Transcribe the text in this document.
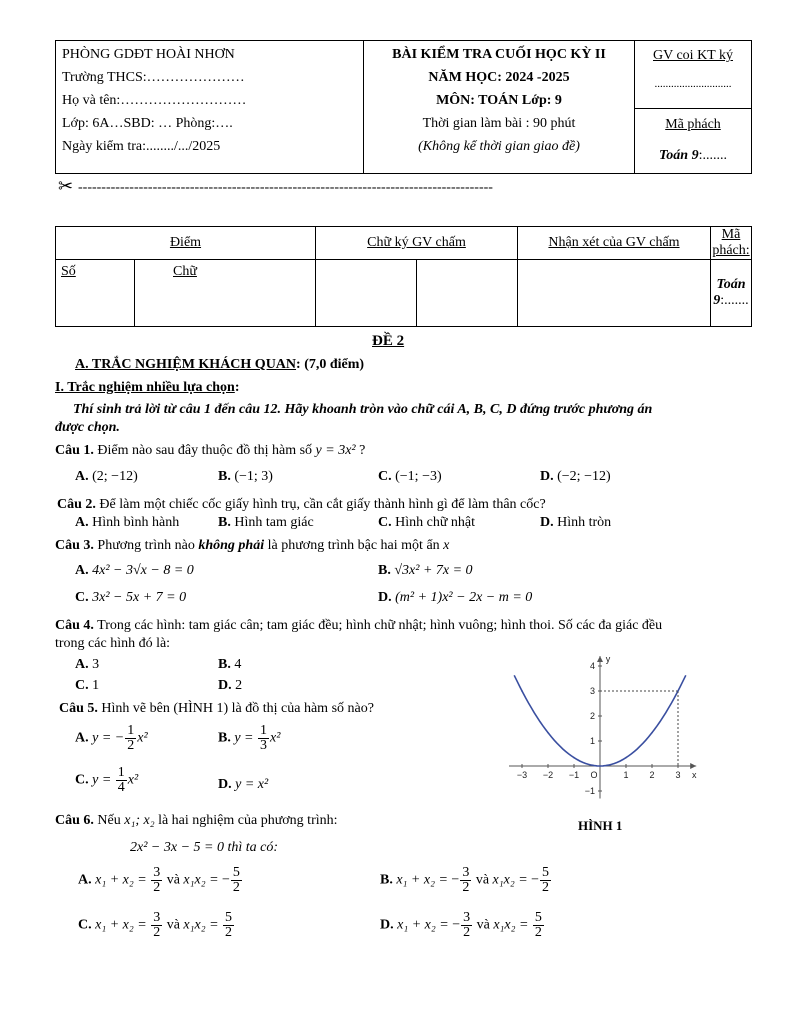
PHÒNG GDĐT HOÀI NHƠN
Trường THCS:…………………
Họ và tên:………………………
Lớp: 6A…SBD: … Phòng:….
Ngày kiểm tra:......../.../2025

BÀI KIỂM TRA CUỐI HỌC KỲ II
NĂM HỌC: 2024 -2025
MÔN: TOÁN Lớp: 9
Thời gian làm bài : 90 phút
(Không kể thời gian giao đề)

GV coi KT ký
............................
Mã phách
Toán 9:.......
✂ -----------------------------------------------------------------------------------------
Điểm		Chữ ký GV chấm		Nhận xét của GV chấm	Mã phách:
Số	Chữ				Toán 9:.......
ĐỀ 2
A. TRẮC NGHIỆM KHÁCH QUAN: (7,0 điểm)
I. Trắc nghiệm nhiều lựa chọn:
Thí sinh trả lời từ câu 1 đến câu 12. Hãy khoanh tròn vào chữ cái A, B, C, D đứng trước phương án
được chọn.
Câu 1. Điểm nào sau đây thuộc đồ thị hàm số y = 3x² ?
A. (2; −12)	B. (−1; 3)	C. (−1; −3)	D. (−2; −12)
Câu 2. Để làm một chiếc cốc giấy hình trụ, cần cắt giấy thành hình gì để làm thân cốc?
A. Hình bình hành	B. Hình tam giác	C. Hình chữ nhật	D. Hình tròn
Câu 3. Phương trình nào không phải là phương trình bậc hai một ẩn x
A. 4x² − 3√x − 8 = 0	B. √3x² + 7x = 0
C. 3x² − 5x + 7 = 0	D. (m² + 1)x² − 2x − m = 0
Câu 4. Trong các hình: tam giác cân; tam giác đều; hình chữ nhật; hình vuông; hình thoi. Số các đa giác đều
trong các hình đó là:
A. 3	B. 4
C. 1	D. 2
Câu 5. Hình vẽ bên (HÌNH 1) là đồ thị của hàm số nào?
A. y = − $\frac{1}{2} x^2$	B. $y = \frac{1}{3} x^2$
C. $y = \frac{1}{4} x^2$	D. y = x²
−3 −2 −1	1 2 3
4
3
2
1
−1
x
y
O
HÌNH 1
Câu 6. Nếu x₁; x₂ là hai nghiệm của phương trình:
2x² − 3x − 5 = 0 thì ta có:
A. $x_1 + x_2 = \frac{3}{2}$ và x₁x₂ = − $\frac{5}{2}$	B. x₁ + x₂ = − $\frac{3}{2}$ và x₁x₂ = − $\frac{5}{2}$
C. $x_1 + x_2 = \frac{3}{2}$ và $x_1x_2 = \frac{5}{2}$	D. x₁ + x₂ = − $\frac{3}{2}$ và $x_1x_2 = \frac{5}{2}$
